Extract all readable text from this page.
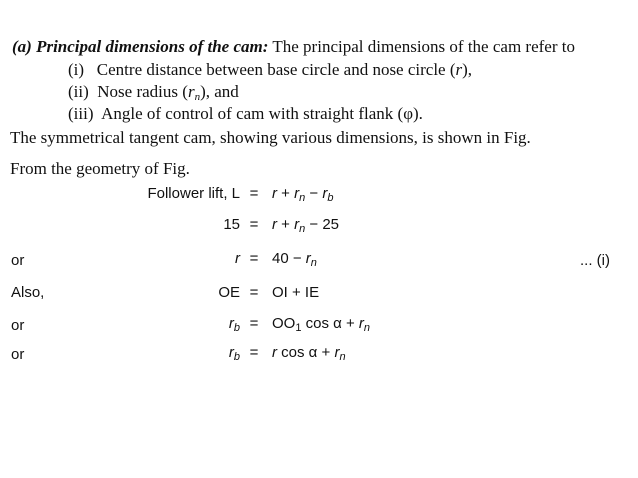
(a) Principal dimensions of the cam: The principal dimensions of the cam refer to
(i) Centre distance between base circle and nose circle (r),
(ii) Nose radius $(r_n)$, and
(iii) Angle of control of cam with straight flank (φ).
The symmetrical tangent cam, showing various dimensions, is shown in Fig.
From the geometry of Fig.
Follower lift, $L = r + r_n - r_b$
$15 = r + r_n - 25$
or	$r = 40 - r_n$	... (i)
Also,	OE = OI + IE
or	$r_b = OO_1$ $\cos \alpha + r_n$
or	$r_b = r$ $\cos \alpha + r_n$
